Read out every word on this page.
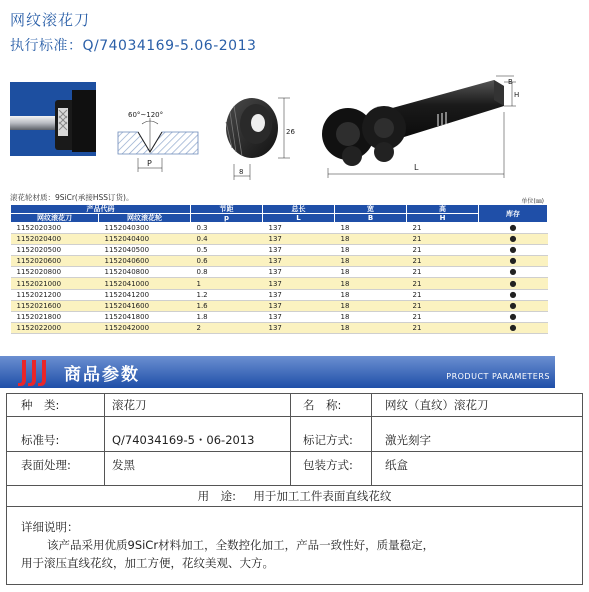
网纹滚花刀
执行标准：Q/74034169-5.06-2013
60°~120°
P
26
8
8
H
B
L
滚花轮材质：9SiCr(承接HSS订货)。	单位(㎜)
产品代码		节距	总长	宽	高	库存
网纹滚花刀	网纹滚花轮	p	L	B	H	
1152020300	1152040300	0.3	137	18	21	●
1152020400	1152040400	0.4	137	18	21	●
1152020500	1152040500	0.5	137	18	21	●
1152020600	1152040600	0.6	137	18	21	●
1152020800	1152040800	0.8	137	18	21	●
1152021000	1152041000	1	137	18	21	●
1152021200	1152041200	1.2	137	18	21	●
1152021600	1152041600	1.6	137	18	21	●
1152021800	1152041800	1.8	137	18	21	●
1152022000	1152042000	2	137	18	21	●
商品参数	PRODUCT PARAMETERS
种　类:	滚花刀	名　称:	网纹（直纹）滚花刀
标准号:	Q/74034169-5・06-2013	标记方式:	激光刻字
表面处理:	发黑	包装方式:	纸盒
用　途: 用于加工工件表面直线花纹
详细说明：
该产品采用优质9SiCr材料加工，全数控化加工，产品一致性好，质量稳定，
用于滚压直线花纹，加工方便，花纹美观、大方。
